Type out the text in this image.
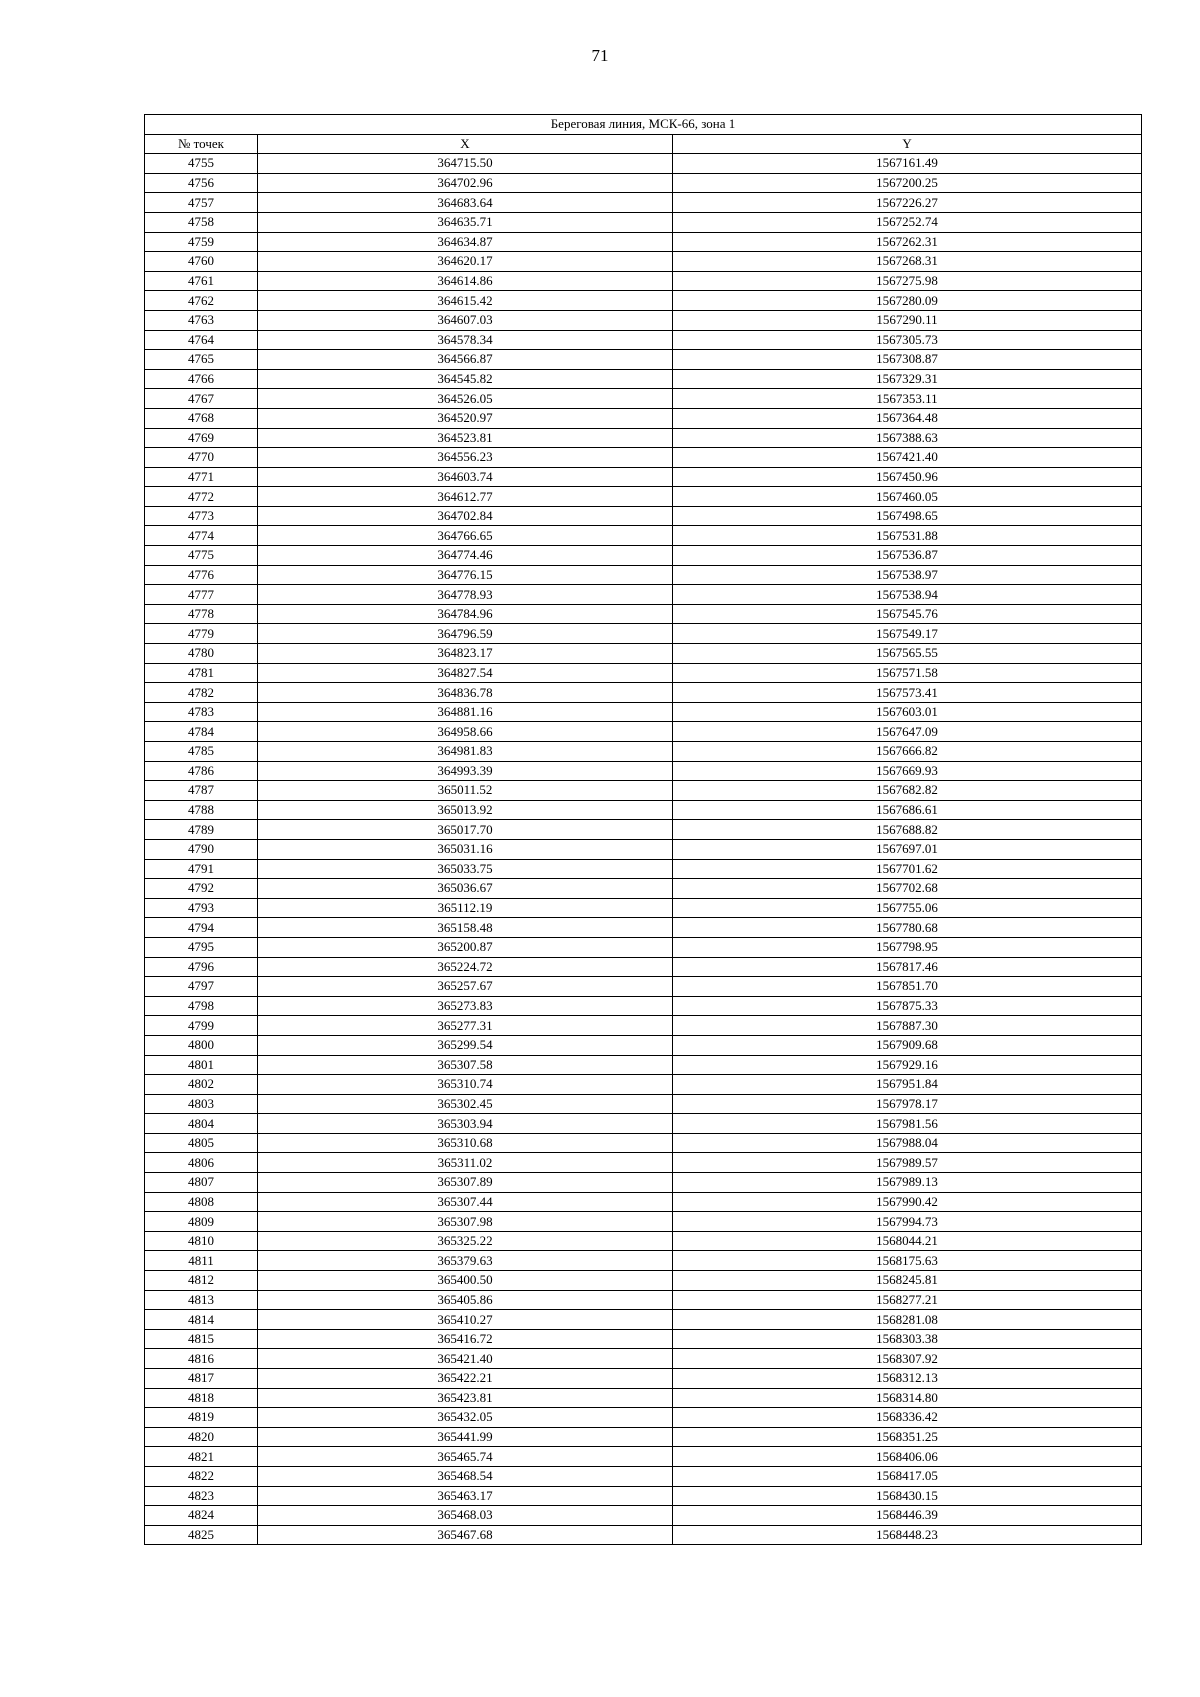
71
Береговая линия, МСК-66, зона 1		
№ точек	X	Y
4755	364715.50	1567161.49
4756	364702.96	1567200.25
4757	364683.64	1567226.27
4758	364635.71	1567252.74
4759	364634.87	1567262.31
4760	364620.17	1567268.31
4761	364614.86	1567275.98
4762	364615.42	1567280.09
4763	364607.03	1567290.11
4764	364578.34	1567305.73
4765	364566.87	1567308.87
4766	364545.82	1567329.31
4767	364526.05	1567353.11
4768	364520.97	1567364.48
4769	364523.81	1567388.63
4770	364556.23	1567421.40
4771	364603.74	1567450.96
4772	364612.77	1567460.05
4773	364702.84	1567498.65
4774	364766.65	1567531.88
4775	364774.46	1567536.87
4776	364776.15	1567538.97
4777	364778.93	1567538.94
4778	364784.96	1567545.76
4779	364796.59	1567549.17
4780	364823.17	1567565.55
4781	364827.54	1567571.58
4782	364836.78	1567573.41
4783	364881.16	1567603.01
4784	364958.66	1567647.09
4785	364981.83	1567666.82
4786	364993.39	1567669.93
4787	365011.52	1567682.82
4788	365013.92	1567686.61
4789	365017.70	1567688.82
4790	365031.16	1567697.01
4791	365033.75	1567701.62
4792	365036.67	1567702.68
4793	365112.19	1567755.06
4794	365158.48	1567780.68
4795	365200.87	1567798.95
4796	365224.72	1567817.46
4797	365257.67	1567851.70
4798	365273.83	1567875.33
4799	365277.31	1567887.30
4800	365299.54	1567909.68
4801	365307.58	1567929.16
4802	365310.74	1567951.84
4803	365302.45	1567978.17
4804	365303.94	1567981.56
4805	365310.68	1567988.04
4806	365311.02	1567989.57
4807	365307.89	1567989.13
4808	365307.44	1567990.42
4809	365307.98	1567994.73
4810	365325.22	1568044.21
4811	365379.63	1568175.63
4812	365400.50	1568245.81
4813	365405.86	1568277.21
4814	365410.27	1568281.08
4815	365416.72	1568303.38
4816	365421.40	1568307.92
4817	365422.21	1568312.13
4818	365423.81	1568314.80
4819	365432.05	1568336.42
4820	365441.99	1568351.25
4821	365465.74	1568406.06
4822	365468.54	1568417.05
4823	365463.17	1568430.15
4824	365468.03	1568446.39
4825	365467.68	1568448.23
